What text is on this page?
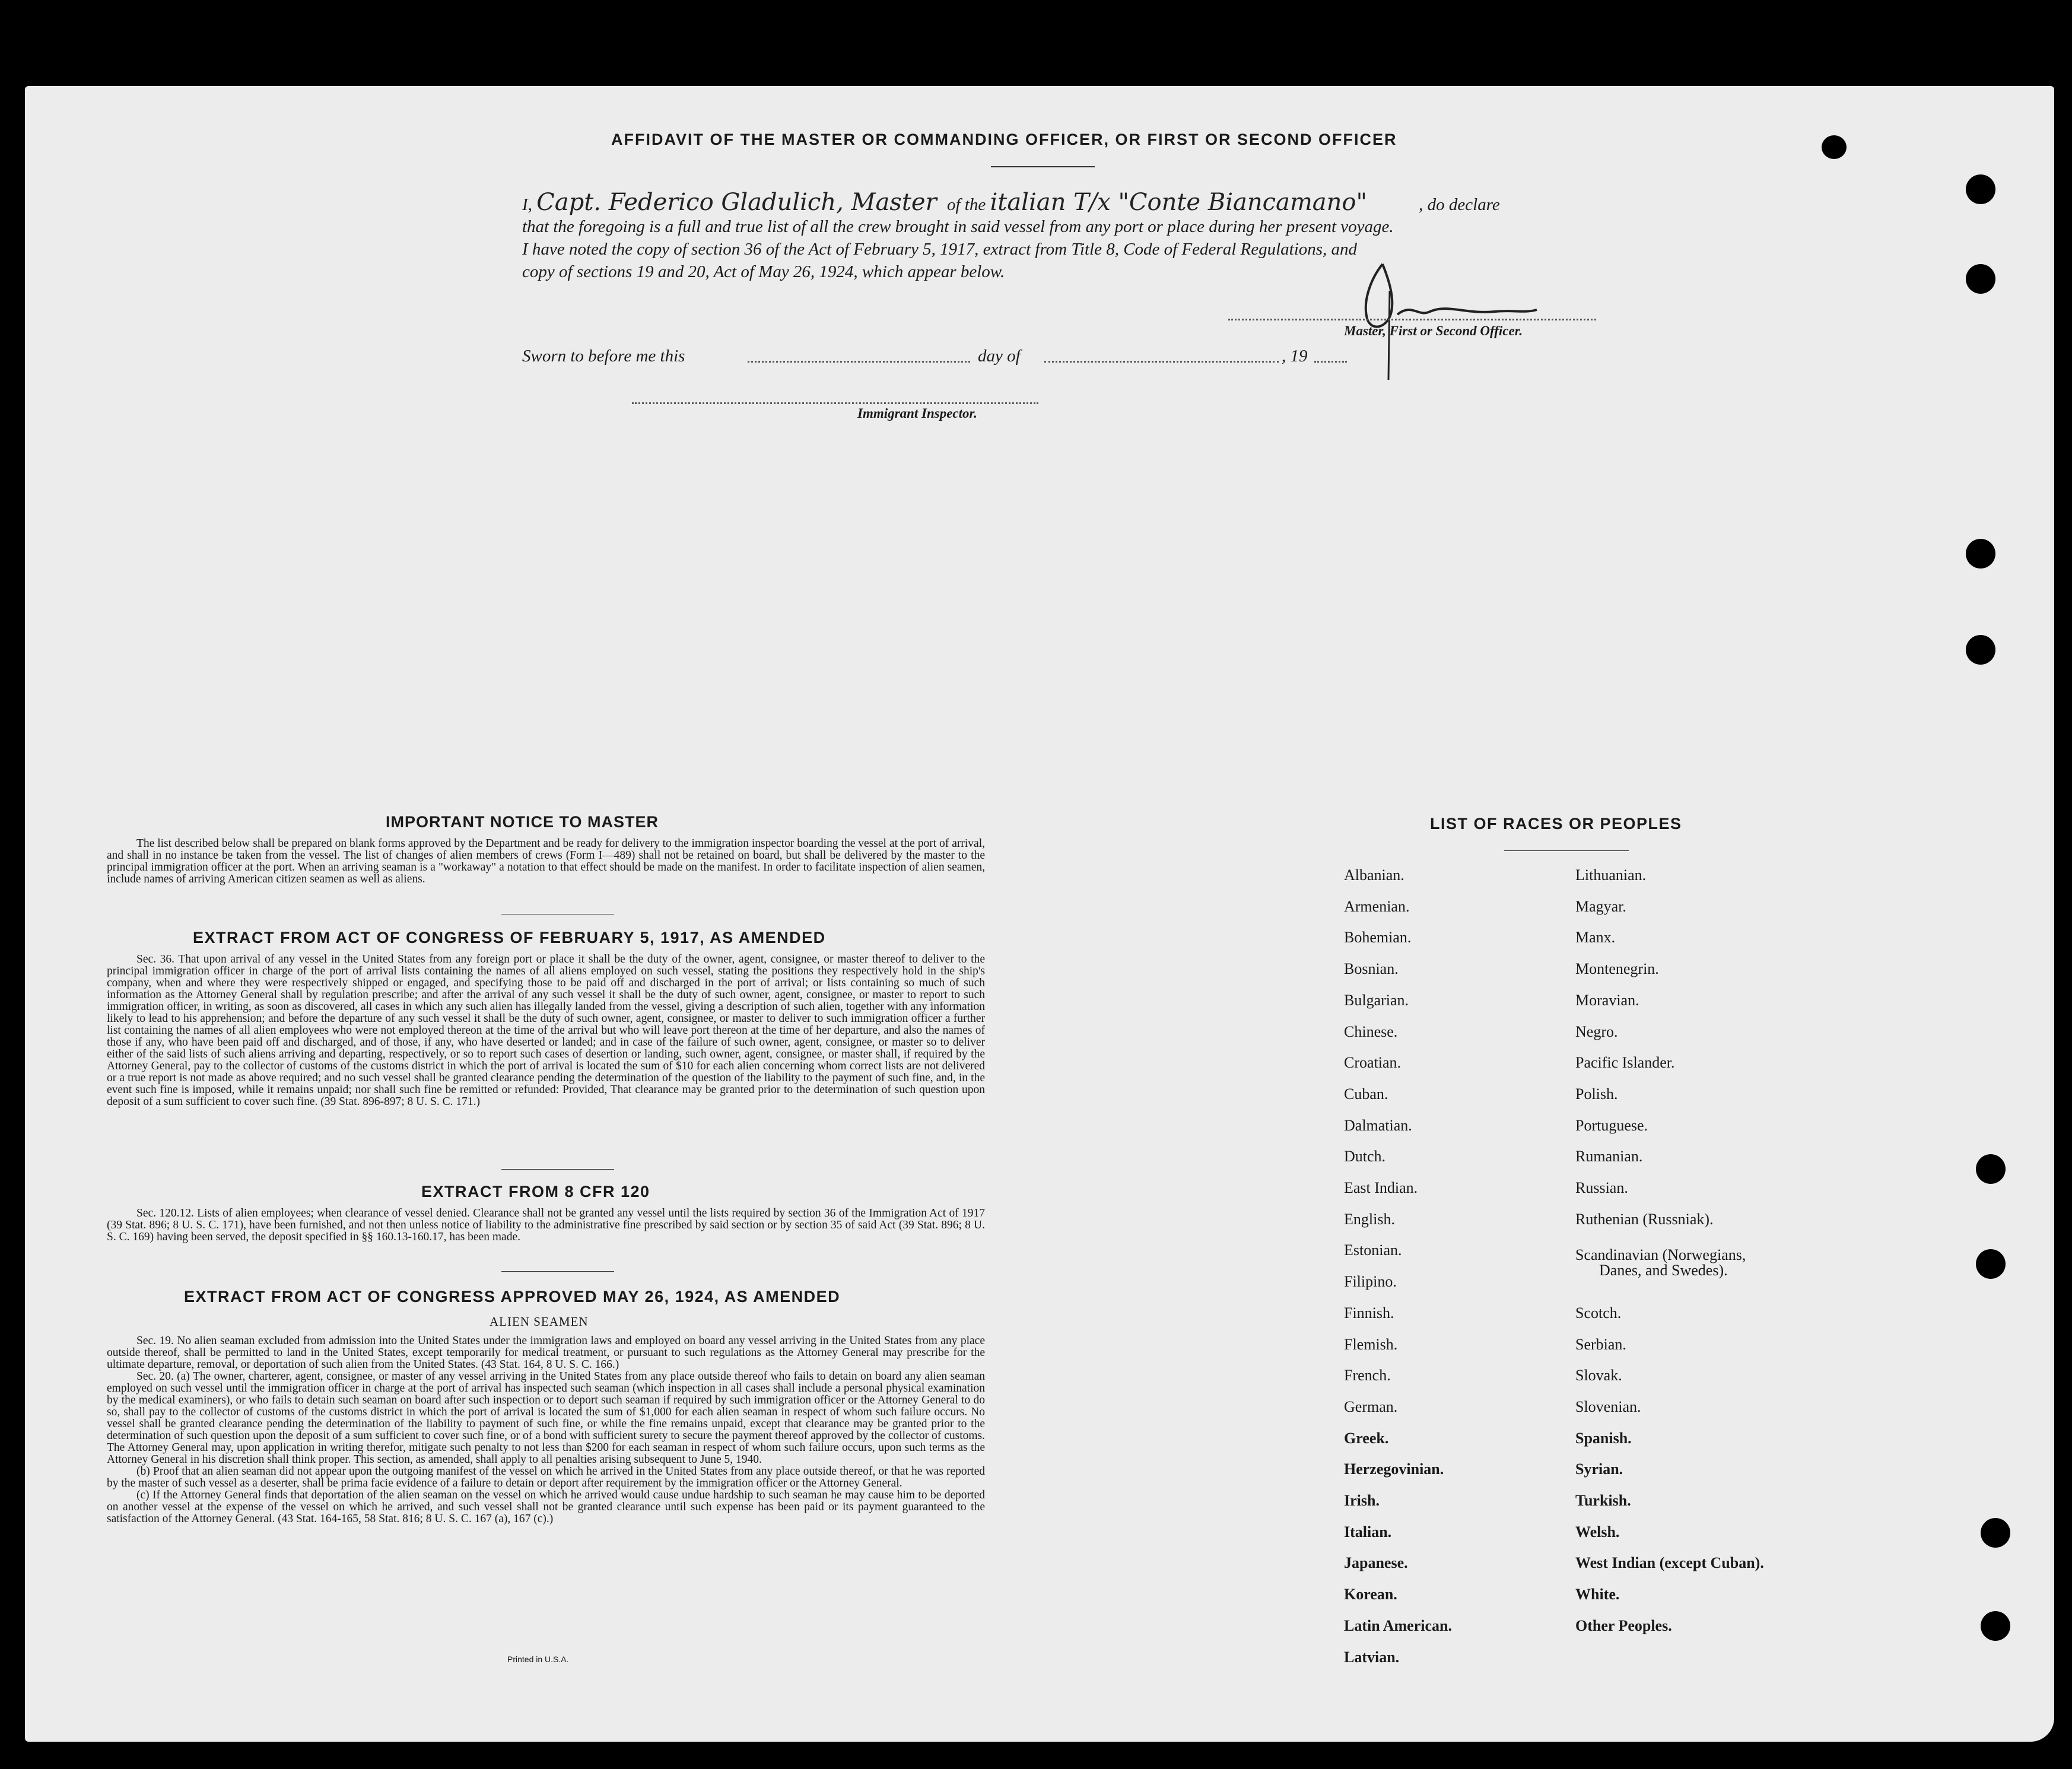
AFFIDAVIT OF THE MASTER OR COMMANDING OFFICER, OR FIRST OR SECOND OFFICER
I, Capt. Federico Gladulich, Master of the italian T/x "Conte Biancamano"	, do declare
that the foregoing is a full and true list of all the crew brought in said vessel from any port or place during her present voyage.
I have noted the copy of section 36 of the Act of February 5, 1917, extract from Title 8, Code of Federal Regulations, and
copy of sections 19 and 20, Act of May 26, 1924, which appear below.
Master, First or Second Officer.
Sworn to before me this	day of	, 19
Immigrant Inspector.
IMPORTANT NOTICE TO MASTER

The list described below shall be prepared on blank forms approved by the Department and be ready for delivery to the immigration inspector boarding the vessel at the port of arrival, and shall in no instance be taken from the vessel. The list of changes of alien members of crews (Form I—489) shall not be retained on board, but shall be delivered by the master to the principal immigration officer at the port. When an arriving seaman is a "workaway" a notation to that effect should be made on the manifest. In order to facilitate inspection of alien seamen, include names of arriving American citizen seamen as well as aliens.

EXTRACT FROM ACT OF CONGRESS OF FEBRUARY 5, 1917, AS AMENDED

Sec. 36. That upon arrival of any vessel in the United States from any foreign port or place it shall be the duty of the owner, agent, consignee, or master thereof to deliver to the principal immigration officer in charge of the port of arrival lists containing the names of all aliens employed on such vessel, stating the positions they respectively hold in the ship's company, when and where they were respectively shipped or engaged, and specifying those to be paid off and discharged in the port of arrival; or lists containing so much of such information as the Attorney General shall by regulation prescribe; and after the arrival of any such vessel it shall be the duty of such owner, agent, consignee, or master to report to such immigration officer, in writing, as soon as discovered, all cases in which any such alien has illegally landed from the vessel, giving a description of such alien, together with any information likely to lead to his apprehension; and before the departure of any such vessel it shall be the duty of such owner, agent, consignee, or master to deliver to such immigration officer a further list containing the names of all alien employees who were not employed thereon at the time of the arrival but who will leave port thereon at the time of her departure, and also the names of those if any, who have been paid off and discharged, and of those, if any, who have deserted or landed; and in case of the failure of such owner, agent, consignee, or master so to deliver either of the said lists of such aliens arriving and departing, respectively, or so to report such cases of desertion or landing, such owner, agent, consignee, or master shall, if required by the Attorney General, pay to the collector of customs of the customs district in which the port of arrival is located the sum of $10 for each alien concerning whom correct lists are not delivered or a true report is not made as above required; and no such vessel shall be granted clearance pending the determination of the question of the liability to the payment of such fine, and, in the event such fine is imposed, while it remains unpaid; nor shall such fine be remitted or refunded: Provided, That clearance may be granted prior to the determination of such question upon deposit of a sum sufficient to cover such fine. (39 Stat. 896-897; 8 U. S. C. 171.)

EXTRACT FROM 8 CFR 120

Sec. 120.12. Lists of alien employees; when clearance of vessel denied. Clearance shall not be granted any vessel until the lists required by section 36 of the Immigration Act of 1917 (39 Stat. 896; 8 U. S. C. 171), have been furnished, and not then unless notice of liability to the administrative fine prescribed by said section or by section 35 of said Act (39 Stat. 896; 8 U. S. C. 169) having been served, the deposit specified in §§ 160.13-160.17, has been made.

EXTRACT FROM ACT OF CONGRESS APPROVED MAY 26, 1924, AS AMENDED
ALIEN SEAMEN

Sec. 19. No alien seaman excluded from admission into the United States under the immigration laws and employed on board any vessel arriving in the United States from any place outside thereof, shall be permitted to land in the United States, except temporarily for medical treatment, or pursuant to such regulations as the Attorney General may prescribe for the ultimate departure, removal, or deportation of such alien from the United States. (43 Stat. 164, 8 U. S. C. 166.)

Sec. 20. (a) The owner, charterer, agent, consignee, or master of any vessel arriving in the United States from any place outside thereof who fails to detain on board any alien seaman employed on such vessel until the immigration officer in charge at the port of arrival has inspected such seaman (which inspection in all cases shall include a personal physical examination by the medical examiners), or who fails to detain such seaman on board after such inspection or to deport such seaman if required by such immigration officer or the Attorney General to do so, shall pay to the collector of customs of the customs district in which the port of arrival is located the sum of $1,000 for each alien seaman in respect of whom such failure occurs. No vessel shall be granted clearance pending the determination of the liability to payment of such fine, or while the fine remains unpaid, except that clearance may be granted prior to the determination of such question upon the deposit of a sum sufficient to cover such fine, or of a bond with sufficient surety to secure the payment thereof approved by the collector of customs. The Attorney General may, upon application in writing therefor, mitigate such penalty to not less than $200 for each seaman in respect of whom such failure occurs, upon such terms as the Attorney General in his discretion shall think proper. This section, as amended, shall apply to all penalties arising subsequent to June 5, 1940.

(b) Proof that an alien seaman did not appear upon the outgoing manifest of the vessel on which he arrived in the United States from any place outside thereof, or that he was reported by the master of such vessel as a deserter, shall be prima facie evidence of a failure to detain or deport after requirement by the immigration officer or the Attorney General.

(c) If the Attorney General finds that deportation of the alien seaman on the vessel on which he arrived would cause undue hardship to such seaman he may cause him to be deported on another vessel at the expense of the vessel on which he arrived, and such vessel shall not be granted clearance until such expense has been paid or its payment guaranteed to the satisfaction of the Attorney General. (43 Stat. 164-165, 58 Stat. 816; 8 U. S. C. 167 (a), 167 (c).)

Printed in U.S.A.
LIST OF RACES OR PEOPLES
Albanian.
Armenian.
Bohemian.
Bosnian.
Bulgarian.
Chinese.
Croatian.
Cuban.
Dalmatian.
Dutch.
East Indian.
English.
Estonian.
Filipino.
Finnish.
Flemish.
French.
German.
Greek.
Herzegovinian.
Irish.
Italian.
Japanese.
Korean.
Latin American.
Latvian.
Lithuanian.
Magyar.
Manx.
Montenegrin.
Moravian.
Negro.
Pacific Islander.
Polish.
Portuguese.
Rumanian.
Russian.
Ruthenian (Russniak).
Scandinavian (Norwegians,
Danes, and Swedes).
Scotch.
Serbian.
Slovak.
Slovenian.
Spanish.
Syrian.
Turkish.
Welsh.
West Indian (except Cuban).
White.
Other Peoples.
